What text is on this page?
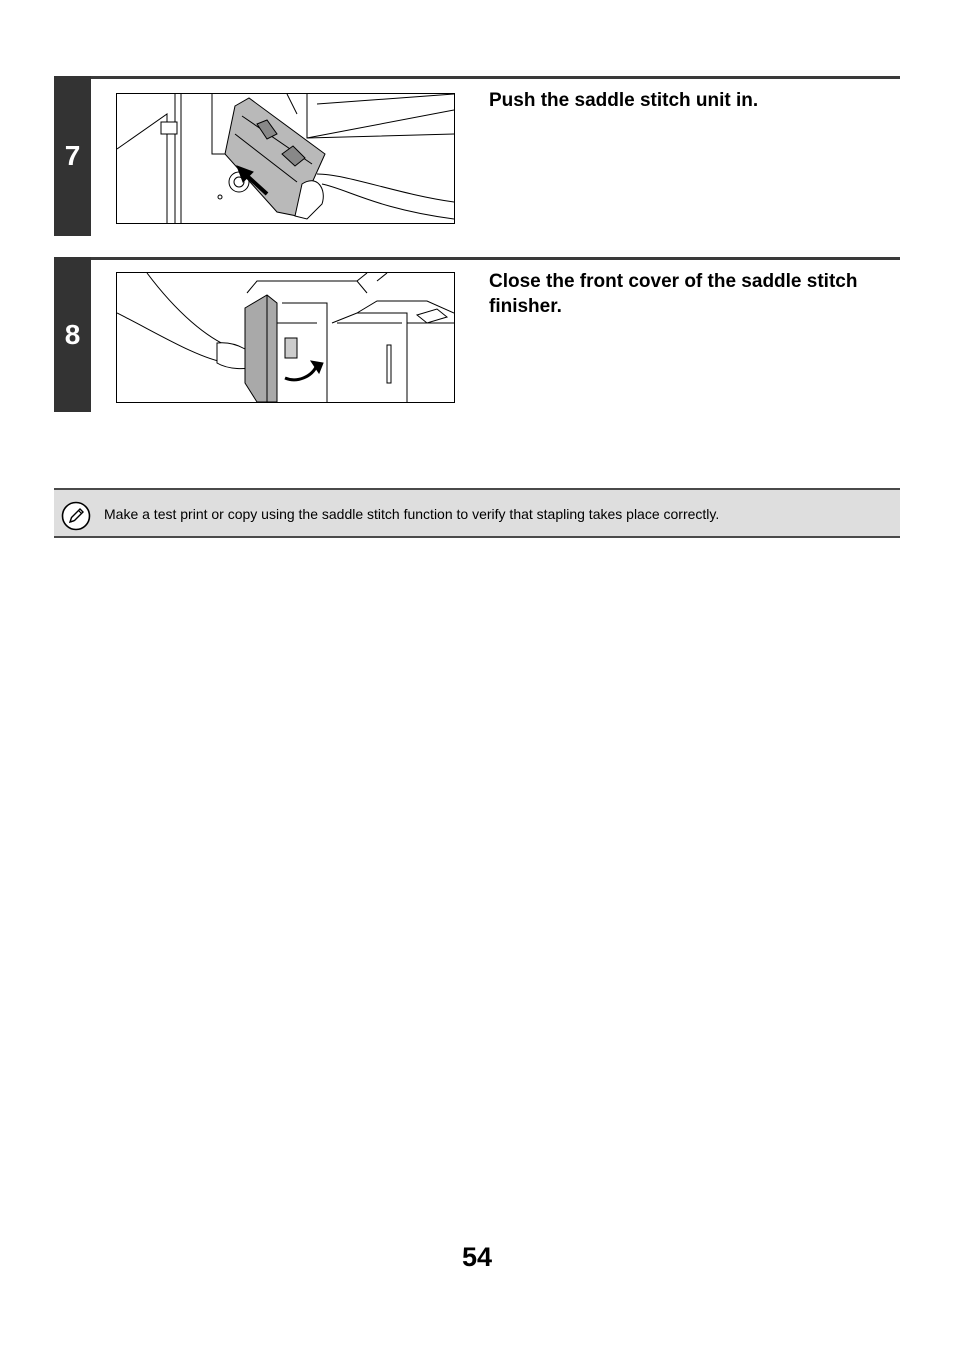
7
Push the saddle stitch unit in.
8
Close the front cover of the saddle stitch finisher.
Make a test print or copy using the saddle stitch function to verify that stapling takes place correctly.
54
